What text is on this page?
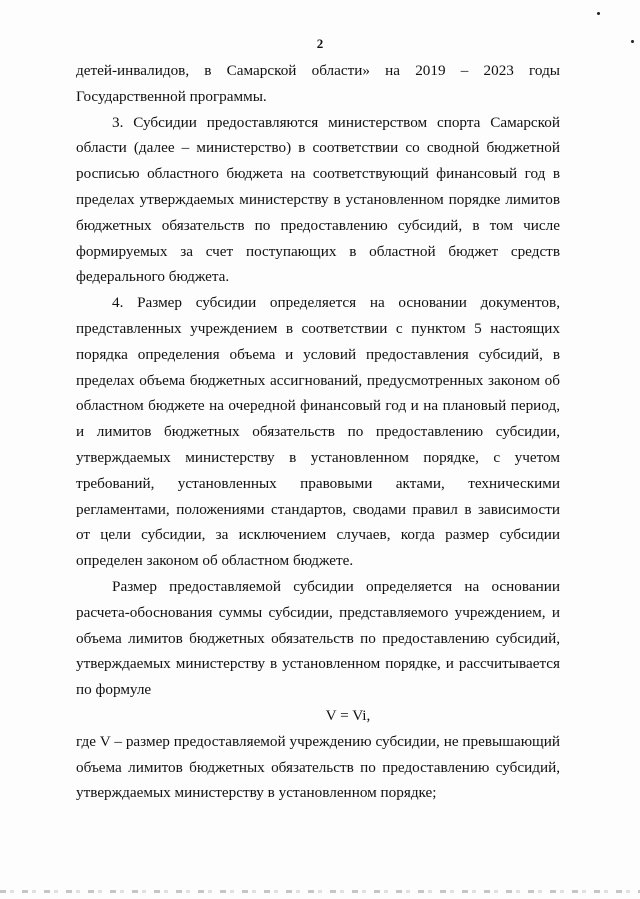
2

детей-инвалидов, в Самарской области» на 2019 – 2023 годы Государственной программы.

3. Субсидии предоставляются министерством спорта Самарской области (далее – министерство) в соответствии со сводной бюджетной росписью областного бюджета на соответствующий финансовый год в пределах утверждаемых министерству в установленном порядке лимитов бюджетных обязательств по предоставлению субсидий, в том числе формируемых за счет поступающих в областной бюджет средств федерального бюджета.

4. Размер субсидии определяется на основании документов, представленных учреждением в соответствии с пунктом 5 настоящих порядка определения объема и условий предоставления субсидий, в пределах объема бюджетных ассигнований, предусмотренных законом об областном бюджете на очередной финансовый год и на плановый период, и лимитов бюджетных обязательств по предоставлению субсидии, утверждаемых министерству в установленном порядке, с учетом требований, установленных правовыми актами, техническими регламентами, положениями стандартов, сводами правил в зависимости от цели субсидии, за исключением случаев, когда размер субсидии определен законом об областном бюджете.

Размер предоставляемой субсидии определяется на основании расчета-обоснования суммы субсидии, представляемого учреждением, и объема лимитов бюджетных обязательств по предоставлению субсидий, утверждаемых министерству в установленном порядке, и рассчитывается по формуле

V = Vi,

где V – размер предоставляемой учреждению субсидии, не превышающий объема лимитов бюджетных обязательств по предоставлению субсидий, утверждаемых министерству в установленном порядке;
